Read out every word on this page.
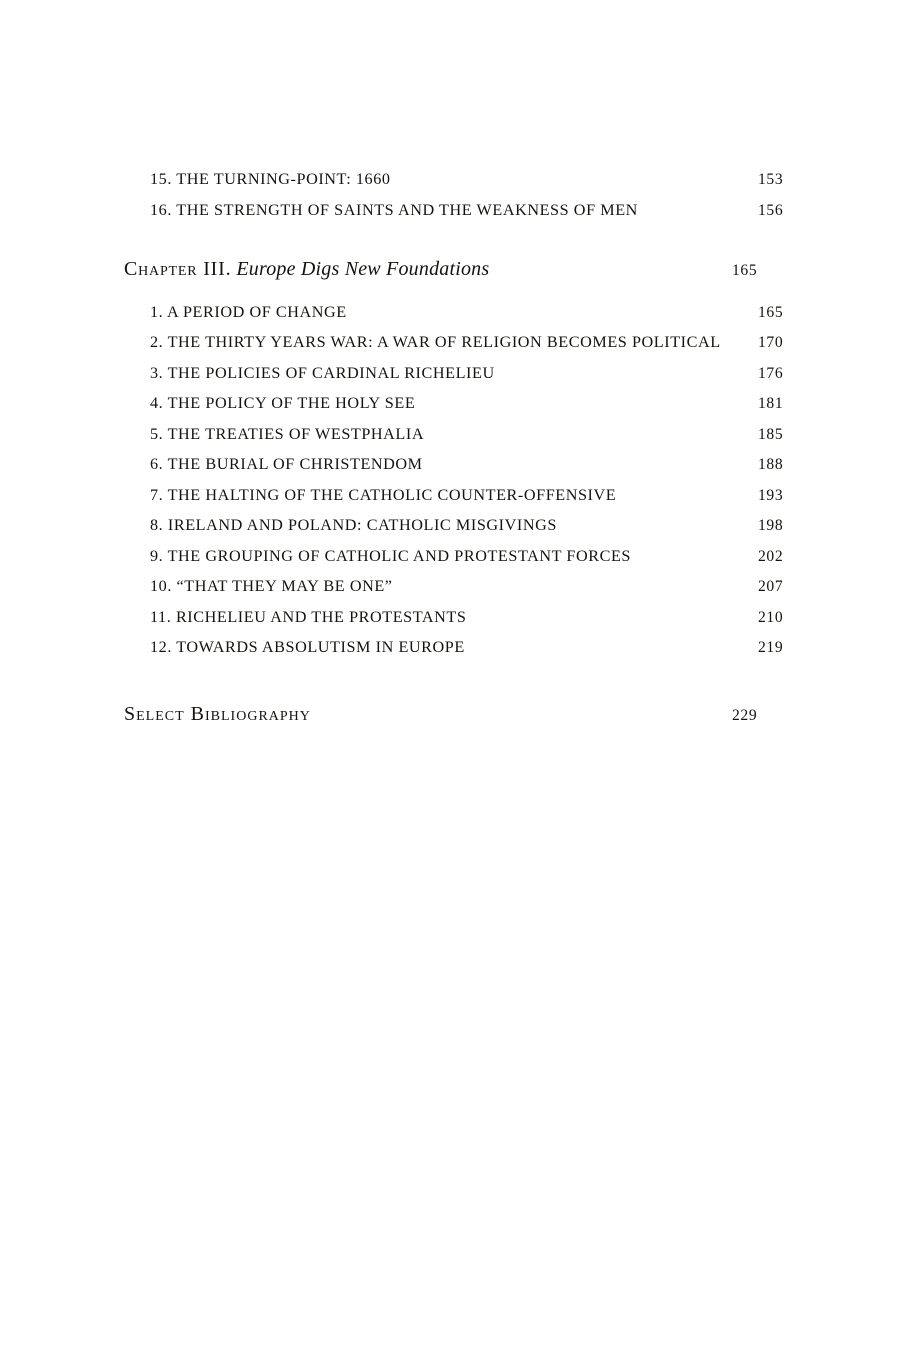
15. THE TURNING-POINT: 1660	153
16. THE STRENGTH OF SAINTS AND THE WEAKNESS OF MEN	156
Chapter III. Europe Digs New Foundations	165
1. A PERIOD OF CHANGE	165
2. THE THIRTY YEARS WAR: A WAR OF RELIGION BECOMES POLITICAL 170
3. THE POLICIES OF CARDINAL RICHELIEU	176
4. THE POLICY OF THE HOLY SEE	181
5. THE TREATIES OF WESTPHALIA	185
6. THE BURIAL OF CHRISTENDOM	188
7. THE HALTING OF THE CATHOLIC COUNTER-OFFENSIVE	193
8. IRELAND AND POLAND: CATHOLIC MISGIVINGS	198
9. THE GROUPING OF CATHOLIC AND PROTESTANT FORCES	202
10. “THAT THEY MAY BE ONE”	207
11. RICHELIEU AND THE PROTESTANTS	210
12. TOWARDS ABSOLUTISM IN EUROPE	219
Select Bibliography	229
